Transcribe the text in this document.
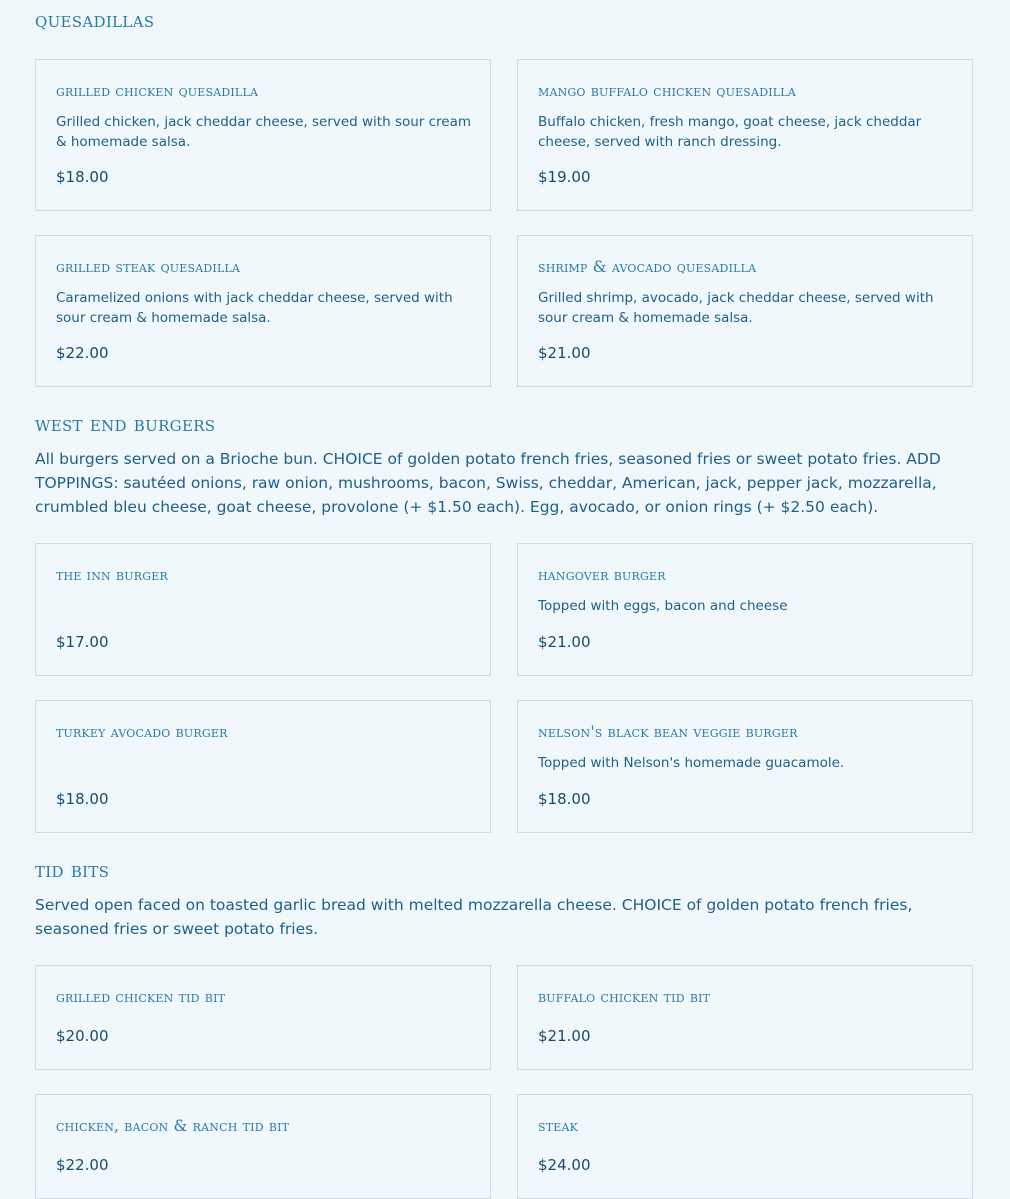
quesadillas
grilled chicken quesadilla
Grilled chicken, jack cheddar cheese, served with sour cream & homemade salsa.
$18.00
mango buffalo chicken quesadilla
Buffalo chicken, fresh mango, goat cheese, jack cheddar cheese, served with ranch dressing.
$19.00
grilled steak quesadilla
Caramelized onions with jack cheddar cheese, served with sour cream & homemade salsa.
$22.00
shrimp & avocado quesadilla
Grilled shrimp, avocado, jack cheddar cheese, served with sour cream & homemade salsa.
$21.00
west end burgers

All burgers served on a Brioche bun. CHOICE of golden potato french fries, seasoned fries or sweet potato fries. ADD TOPPINGS: sautéed onions, raw onion, mushrooms, bacon, Swiss, cheddar, American, jack, pepper jack, mozzarella, crumbled bleu cheese, goat cheese, provolone (+ $1.50 each). Egg, avocado, or onion rings (+ $2.50 each).

the inn burger
$17.00
hangover burger
Topped with eggs, bacon and cheese
$21.00
turkey avocado burger
$18.00
nelson's black bean veggie burger
Topped with Nelson's homemade guacamole.
$18.00
tid bits

Served open faced on toasted garlic bread with melted mozzarella cheese. CHOICE of golden potato french fries, seasoned fries or sweet potato fries.

grilled chicken tid bit
$20.00
buffalo chicken tid bit
$21.00
chicken, bacon & ranch tid bit
$22.00
steak
$24.00
